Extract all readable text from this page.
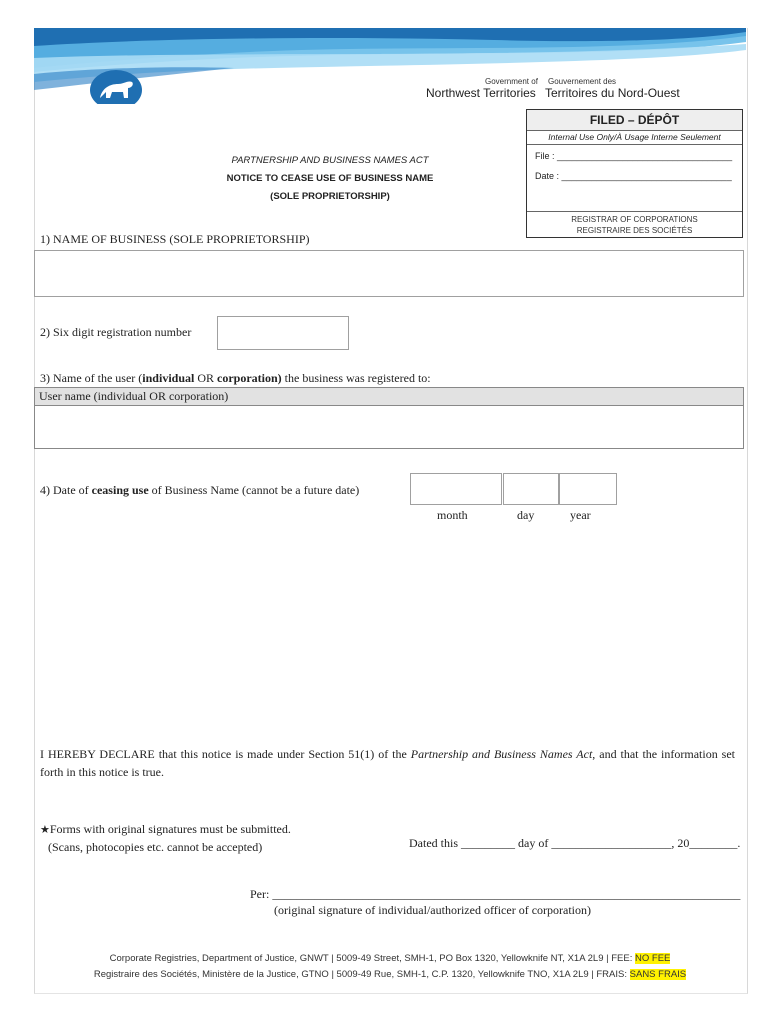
Government of
Northwest Territories
Gouvernement des
Territoires du Nord-Ouest
FILED – DÉPÔT
Internal Use Only/À Usage Interne Seulement
File : ___________________________________
Date : __________________________________
REGISTRAR OF CORPORATIONS
REGISTRAIRE DES SOCIÉTÉS
PARTNERSHIP AND BUSINESS NAMES ACT
NOTICE TO CEASE USE OF BUSINESS NAME
(SOLE PROPRIETORSHIP)
1) NAME OF BUSINESS (SOLE PROPRIETORSHIP)
2) Six digit registration number
3) Name of the user (individual OR corporation) the business was registered to:
User name (individual OR corporation)
4) Date of ceasing use of Business Name (cannot be a future date)
month	day	year
I HEREBY DECLARE that this notice is made under Section 51(1) of the Partnership and Business Names Act, and that the information set forth in this notice is true.
★Forms with original signatures must be submitted.
(Scans, photocopies etc. cannot be accepted)	Dated this _________ day of ____________________, 20________.
Per: ______________________________________________________________________________
(original signature of individual/authorized officer of corporation)
Corporate Registries, Department of Justice, GNWT | 5009-49 Street, SMH-1, PO Box 1320, Yellowknife NT, X1A 2L9 | FEE: NO FEE
Registraire des Sociétés, Ministère de la Justice, GTNO | 5009-49 Rue, SMH-1, C.P. 1320, Yellowknife TNO, X1A 2L9 | FRAIS: SANS FRAIS
